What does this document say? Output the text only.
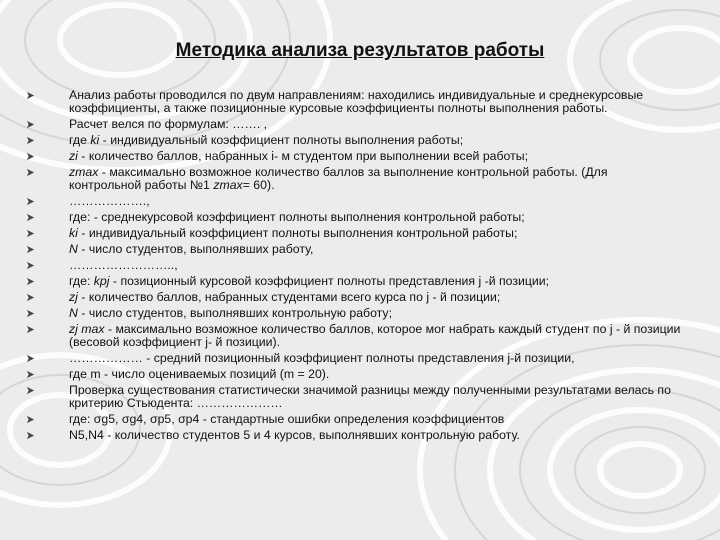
Методика анализа результатов работы
Анализ работы проводился по двум направлениям: находились индивидуальные и среднекурсовые коэффициенты, а также позиционные курсовые коэффициенты полноты выполнения работы.
Расчет велся по формулам: ……. ,
где ki - индивидуальный коэффициент полноты выполнения работы;
zi - количество баллов, набранных i- м студентом при выполнении всей работы;
zmax - максимально возможное количество баллов за выполнение контрольной работы. (Для контрольной работы №1 zmax= 60).
……………….,
где: - среднекурсовой коэффициент полноты выполнения контрольной работы;
ki - индивидуальный коэффициент полноты выполнения контрольной работы;
N - число студентов, выполнявших работу,
……………………..,
где: kpj - позиционный курсовой коэффициент полноты представления j -й позиции;
zj - количество баллов, набранных студентами всего курса по j - й позиции;
N - число студентов, выполнявших контрольную работу;
zj max - максимально возможное количество баллов, которое мог набрать каждый студент по j - й позиции (весовой коэффициент j- й позиции).
……………… - средний позиционный коэффициент полноты представления j-й позиции,
где m - число оцениваемых позиций (m = 20).
Проверка существования статистически значимой разницы между полученными результатами велась по критерию Стьюдента: …………………
где: σg5, σg4, σp5, σp4 - стандартные ошибки определения коэффициентов
N5,N4 - количество студентов 5 и 4 курсов, выполнявших контрольную работу.
